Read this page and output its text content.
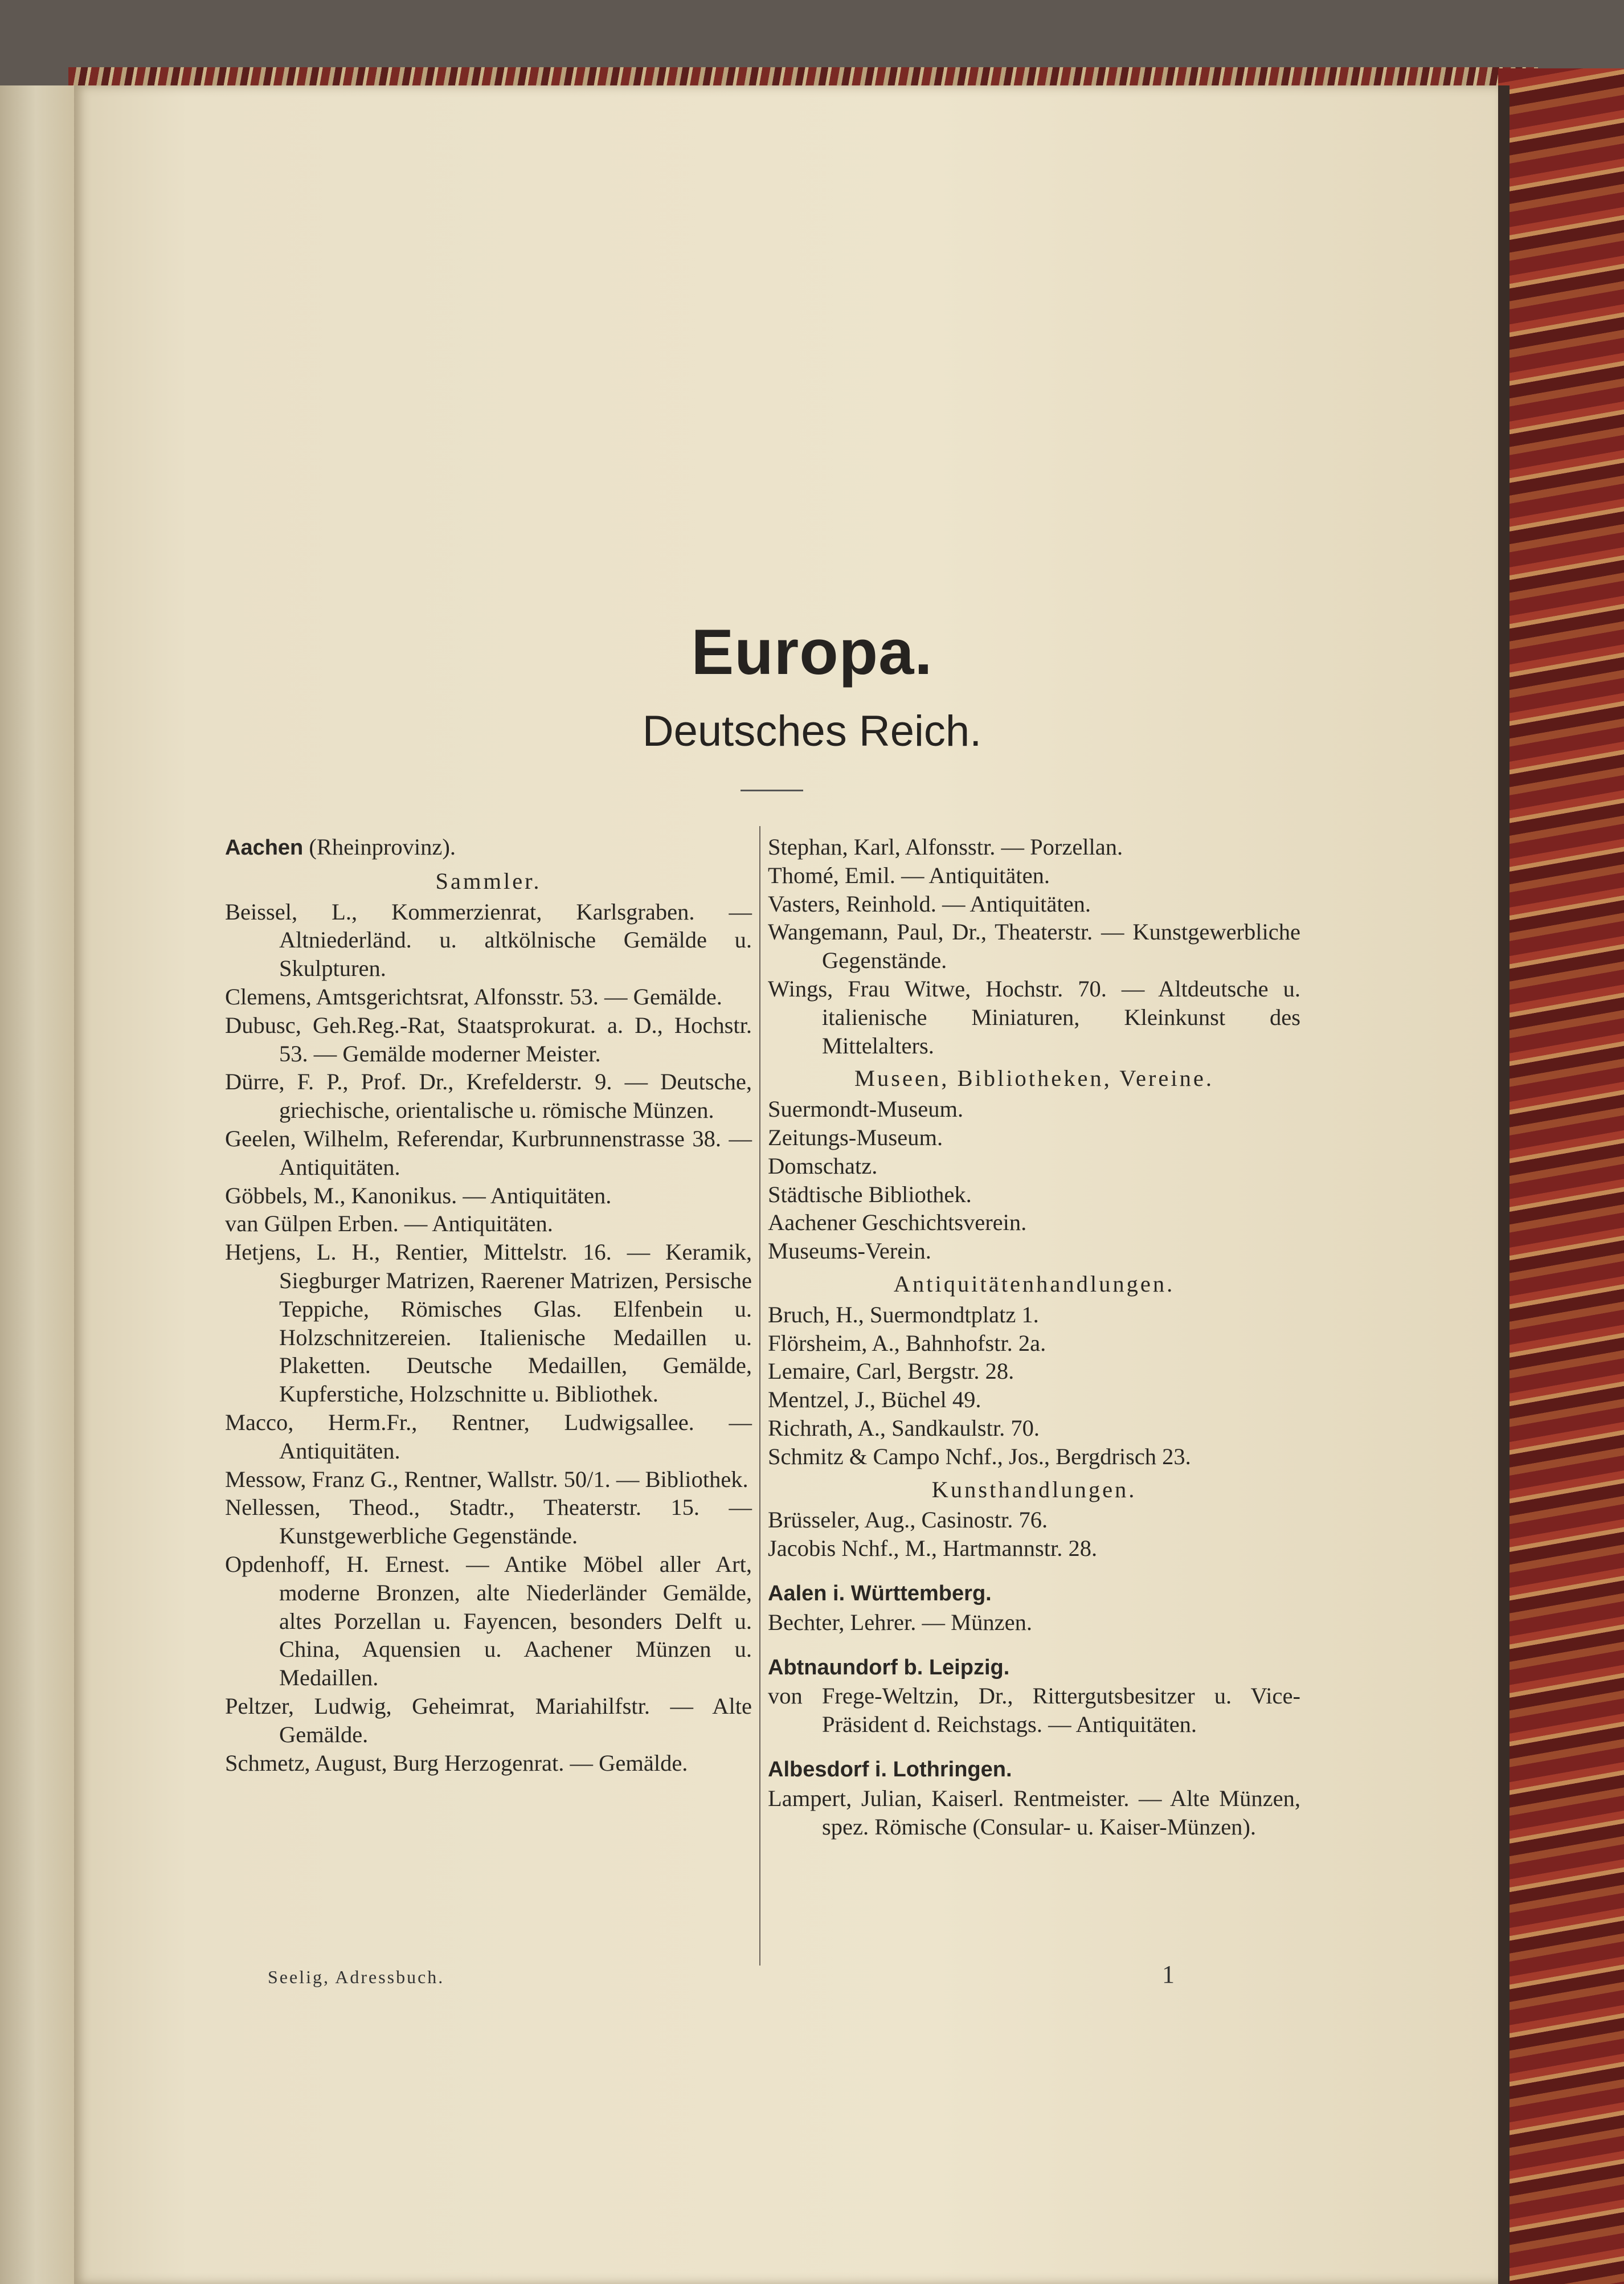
Europa.
Deutsches Reich.
Aachen (Rheinprovinz).
Sammler.
Beissel, L., Kommerzienrat, Karlsgraben. — Altniederländ. u. altkölnische Gemälde u. Skulpturen.
Clemens, Amtsgerichtsrat, Alfonsstr. 53. — Gemälde.
Dubusc, Geh.Reg.-Rat, Staatsprokurat. a. D., Hochstr. 53. — Gemälde moderner Meister.
Dürre, F. P., Prof. Dr., Krefelderstr. 9. — Deutsche, griechische, orientalische u. römische Münzen.
Geelen, Wilhelm, Referendar, Kurbrunnenstrasse 38. — Antiquitäten.
Göbbels, M., Kanonikus. — Antiquitäten.
van Gülpen Erben. — Antiquitäten.
Hetjens, L. H., Rentier, Mittelstr. 16. — Keramik, Siegburger Matrizen, Raerener Matrizen, Persische Teppiche, Römisches Glas. Elfenbein u. Holzschnitzereien. Italienische Medaillen u. Plaketten. Deutsche Medaillen, Gemälde, Kupferstiche, Holzschnitte u. Bibliothek.
Macco, Herm.Fr., Rentner, Ludwigsallee. — Antiquitäten.
Messow, Franz G., Rentner, Wallstr. 50/1. — Bibliothek.
Nellessen, Theod., Stadtr., Theaterstr. 15. — Kunstgewerbliche Gegenstände.
Opdenhoff, H. Ernest. — Antike Möbel aller Art, moderne Bronzen, alte Niederländer Gemälde, altes Porzellan u. Fayencen, besonders Delft u. China, Aquensien u. Aachener Münzen u. Medaillen.
Peltzer, Ludwig, Geheimrat, Mariahilfstr. — Alte Gemälde.
Schmetz, August, Burg Herzogenrat. — Gemälde.
Stephan, Karl, Alfonsstr. — Porzellan.
Thomé, Emil. — Antiquitäten.
Vasters, Reinhold. — Antiquitäten.
Wangemann, Paul, Dr., Theaterstr. — Kunstgewerbliche Gegenstände.
Wings, Frau Witwe, Hochstr. 70. — Altdeutsche u. italienische Miniaturen, Kleinkunst des Mittelalters.
Museen, Bibliotheken, Vereine.
Suermondt-Museum.
Zeitungs-Museum.
Domschatz.
Städtische Bibliothek.
Aachener Geschichtsverein.
Museums-Verein.
Antiquitätenhandlungen.
Bruch, H., Suermondtplatz 1.
Flörsheim, A., Bahnhofstr. 2a.
Lemaire, Carl, Bergstr. 28.
Mentzel, J., Büchel 49.
Richrath, A., Sandkaulstr. 70.
Schmitz & Campo Nchf., Jos., Bergdrisch 23.
Kunsthandlungen.
Brüsseler, Aug., Casinostr. 76.
Jacobis Nchf., M., Hartmannstr. 28.
Aalen i. Württemberg.
Bechter, Lehrer. — Münzen.
Abtnaundorf b. Leipzig.
von Frege-Weltzin, Dr., Rittergutsbesitzer u. Vice-Präsident d. Reichstags. — Antiquitäten.
Albesdorf i. Lothringen.
Lampert, Julian, Kaiserl. Rentmeister. — Alte Münzen, spez. Römische (Consular- u. Kaiser-Münzen).
Seelig, Adressbuch.	1
